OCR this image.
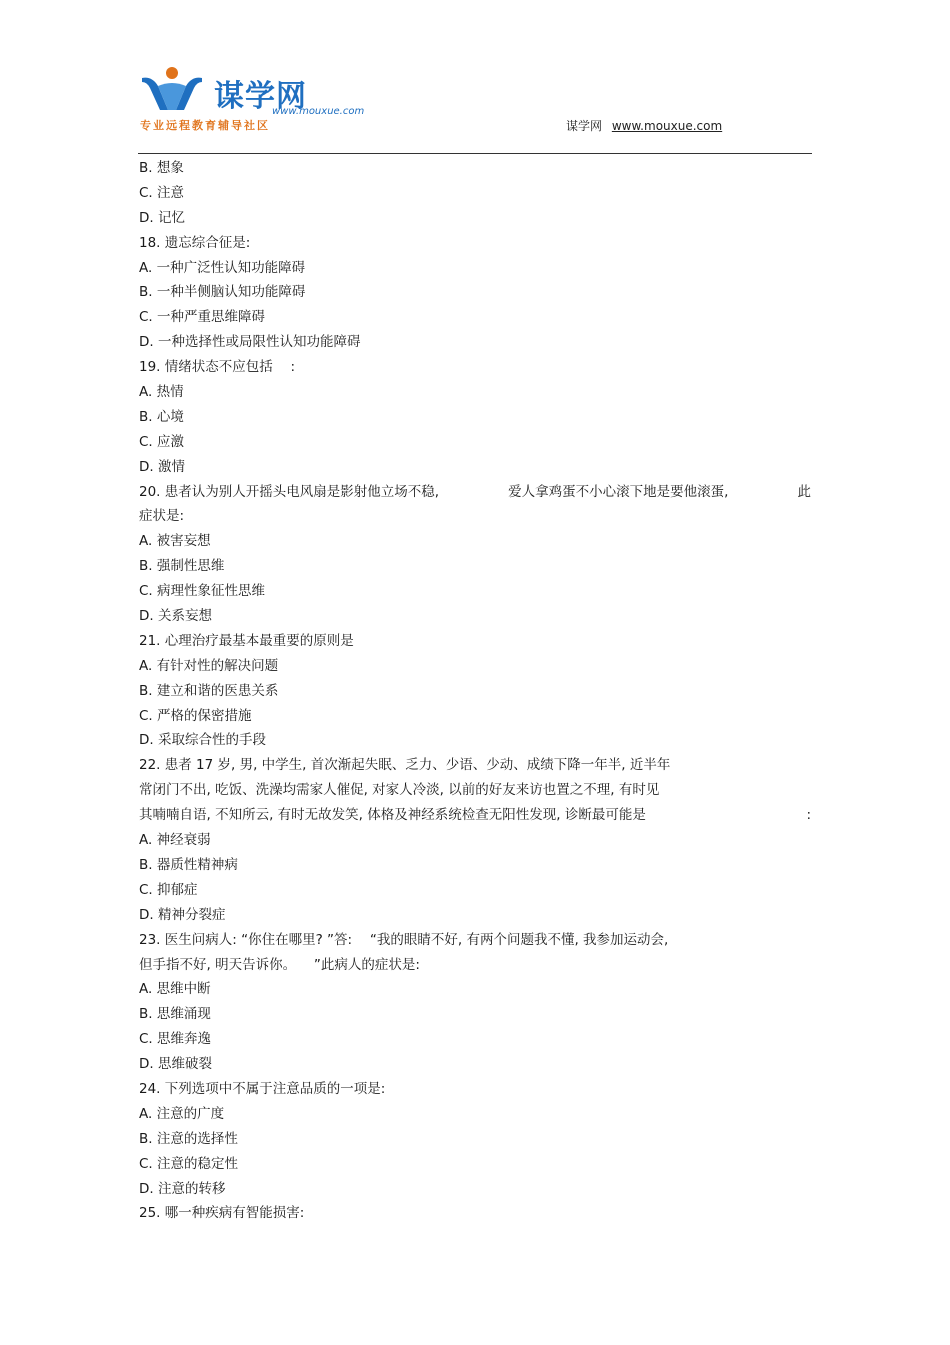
谋学网
www.mouxue.com
专业远程教育辅导社区	谋学网 www.mouxue.com
B. 想象
C. 注意
D. 记忆
18. 遗忘综合征是:
A. 一种广泛性认知功能障碍
B. 一种半侧脑认知功能障碍
C. 一种严重思维障碍
D. 一种选择性或局限性认知功能障碍
19. 情绪状态不应包括 　:
A. 热情
B. 心境
C. 应激
D. 激情
20. 患者认为别人开摇头电风扇是影射他立场不稳,	爱人拿鸡蛋不小心滚下地是要他滚蛋,	此
症状是:
A. 被害妄想
B. 强制性思维
C. 病理性象征性思维
D. 关系妄想
21. 心理治疗最基本最重要的原则是
A. 有针对性的解决问题
B. 建立和谐的医患关系
C. 严格的保密措施
D. 采取综合性的手段
22. 患者 17 岁, 男, 中学生, 首次渐起失眠、乏力、少语、少动、成绩下降一年半, 近半年
常闭门不出, 吃饭、洗澡均需家人催促, 对家人冷淡, 以前的好友来访也置之不理, 有时见
其喃喃自语, 不知所云, 有时无故发笑, 体格及神经系统检查无阳性发现, 诊断最可能是	:
A. 神经衰弱
B. 器质性精神病
C. 抑郁症
D. 精神分裂症
23. 医生问病人: “你住在哪里? ”答: 　“我的眼睛不好, 有两个问题我不懂, 我参加运动会,
但手指不好, 明天告诉你。 　”此病人的症状是:
A. 思维中断
B. 思维涌现
C. 思维奔逸
D. 思维破裂
24. 下列选项中不属于注意品质的一项是:
A. 注意的广度
B. 注意的选择性
C. 注意的稳定性
D. 注意的转移
25. 哪一种疾病有智能损害:
